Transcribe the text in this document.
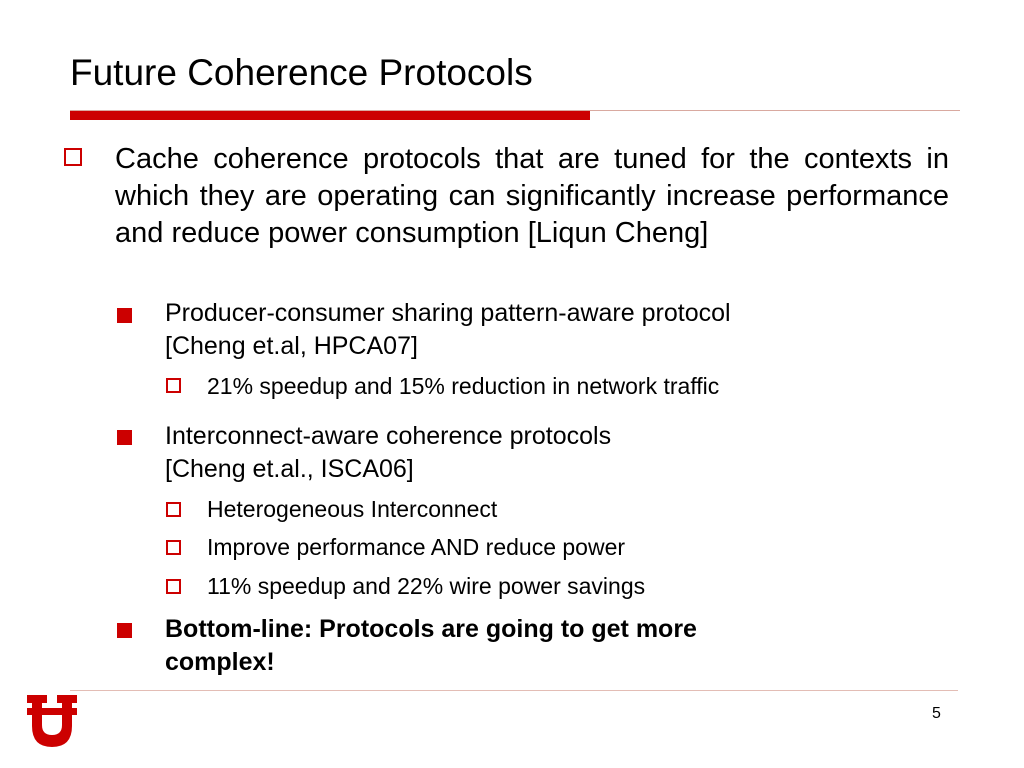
Future Coherence Protocols
Cache coherence protocols that are tuned for the contexts in which they are operating can significantly increase performance and reduce power consumption [Liqun Cheng]
Producer-consumer sharing pattern-aware protocol
[Cheng et.al, HPCA07]
21% speedup and 15% reduction in network traffic
Interconnect-aware coherence protocols
[Cheng et.al., ISCA06]
Heterogeneous Interconnect
Improve performance AND reduce power
11% speedup and 22% wire power savings
Bottom-line: Protocols are going to get more
complex!
5
